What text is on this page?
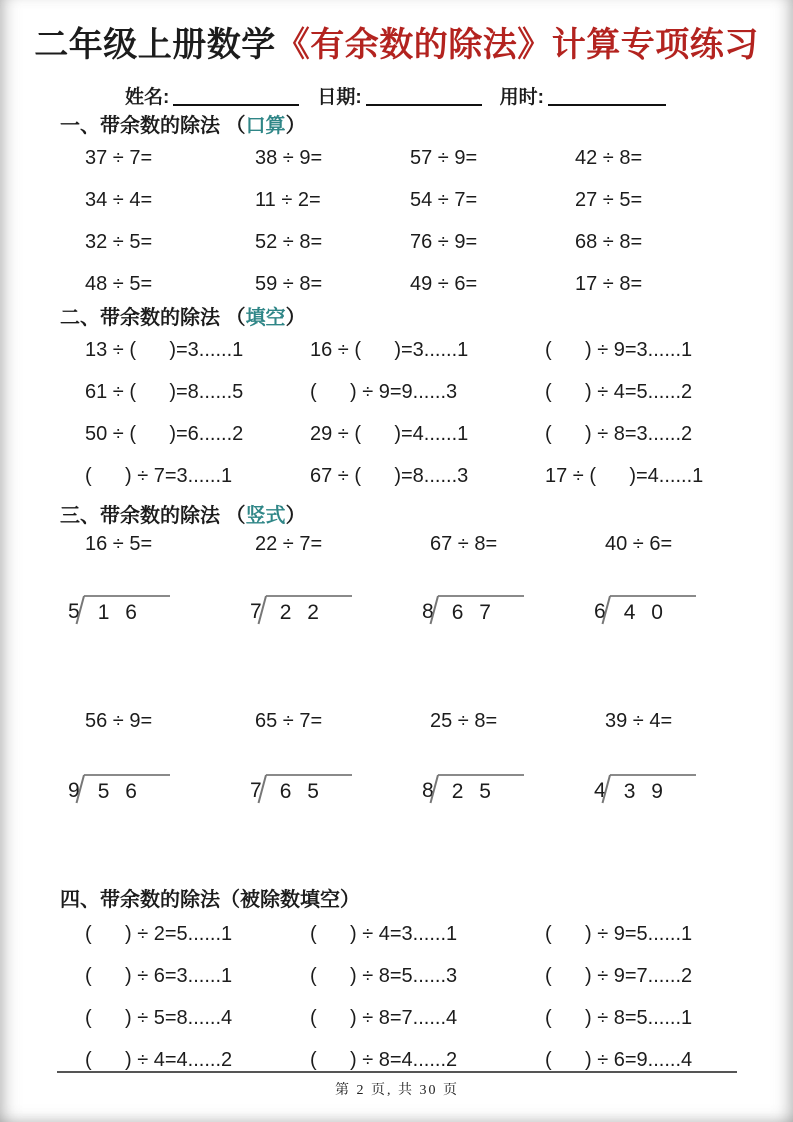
二年级上册数学《有余数的除法》计算专项练习
姓名:	日期:	用时:
一、带余数的除法 （口算）
37 ÷ 7=	38 ÷ 9=	57 ÷ 9=	42 ÷ 8=
34 ÷ 4=	11 ÷ 2=	54 ÷ 7=	27 ÷ 5=
32 ÷ 5=	52 ÷ 8=	76 ÷ 9=	68 ÷ 8=
48 ÷ 5=	59 ÷ 8=	49 ÷ 6=	17 ÷ 8=
二、带余数的除法 （填空）
13 ÷ (      )=3......1	16 ÷ (      )=3......1	(      ) ÷ 9=3......1
61 ÷ (      )=8......5	(      ) ÷ 9=9......3	(      ) ÷ 4=5......2
50 ÷ (      )=6......2	29 ÷ (      )=4......1	(      ) ÷ 8=3......2
(      ) ÷ 7=3......1	67 ÷ (      )=8......3	17 ÷ (      )=4......1
三、带余数的除法 （竖式）
16 ÷ 5=	22 ÷ 7=	67 ÷ 8=	40 ÷ 6=
5 1 6	7 2 2	8 6 7	6 4 0
56 ÷ 9=	65 ÷ 7=	25 ÷ 8=	39 ÷ 4=
9 5 6	7 6 5	8 2 5	4 3 9
四、带余数的除法（被除数填空）
(      ) ÷ 2=5......1	(      ) ÷ 4=3......1	(      ) ÷ 9=5......1
(      ) ÷ 6=3......1	(      ) ÷ 8=5......3	(      ) ÷ 9=7......2
(      ) ÷ 5=8......4	(      ) ÷ 8=7......4	(      ) ÷ 8=5......1
(      ) ÷ 4=4......2	(      ) ÷ 8=4......2	(      ) ÷ 6=9......4
第 2 页, 共 30 页
